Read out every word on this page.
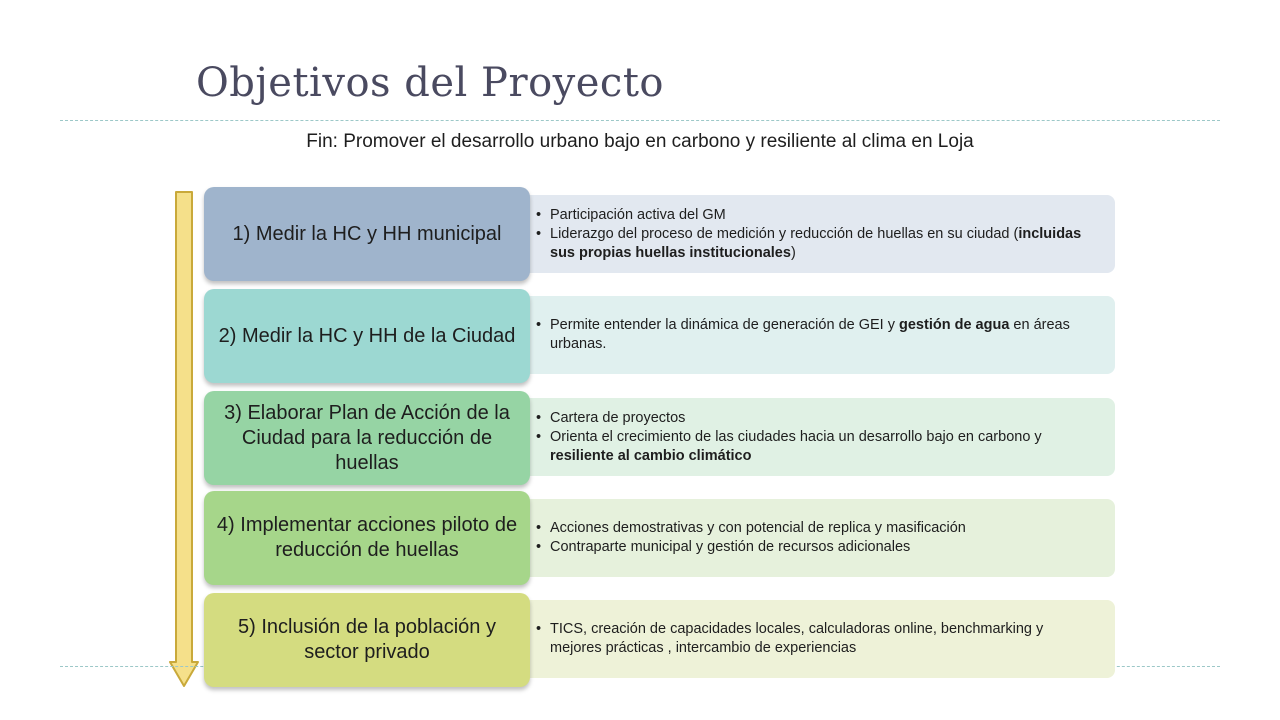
Objetivos del Proyecto
Fin: Promover el desarrollo urbano bajo en carbono y resiliente al clima en Loja
• Participación activa del GM
• Liderazgo del proceso de medición y reducción de huellas en su ciudad (incluidas sus propias huellas institucionales)
1) Medir la HC y HH municipal
• Permite entender la dinámica de generación de GEI y gestión de agua en áreas urbanas.
2) Medir la HC y HH de la Ciudad
• Cartera de proyectos
• Orienta el crecimiento de las ciudades hacia un desarrollo bajo en carbono y resiliente al cambio climático
3) Elaborar Plan de Acción de la Ciudad para la reducción de huellas
• Acciones demostrativas y con potencial de replica y masificación
• Contraparte municipal y gestión de recursos adicionales
4) Implementar acciones piloto de reducción de huellas
• TICS, creación de capacidades locales, calculadoras online, benchmarking y mejores prácticas , intercambio de experiencias
5) Inclusión de la población y sector privado
